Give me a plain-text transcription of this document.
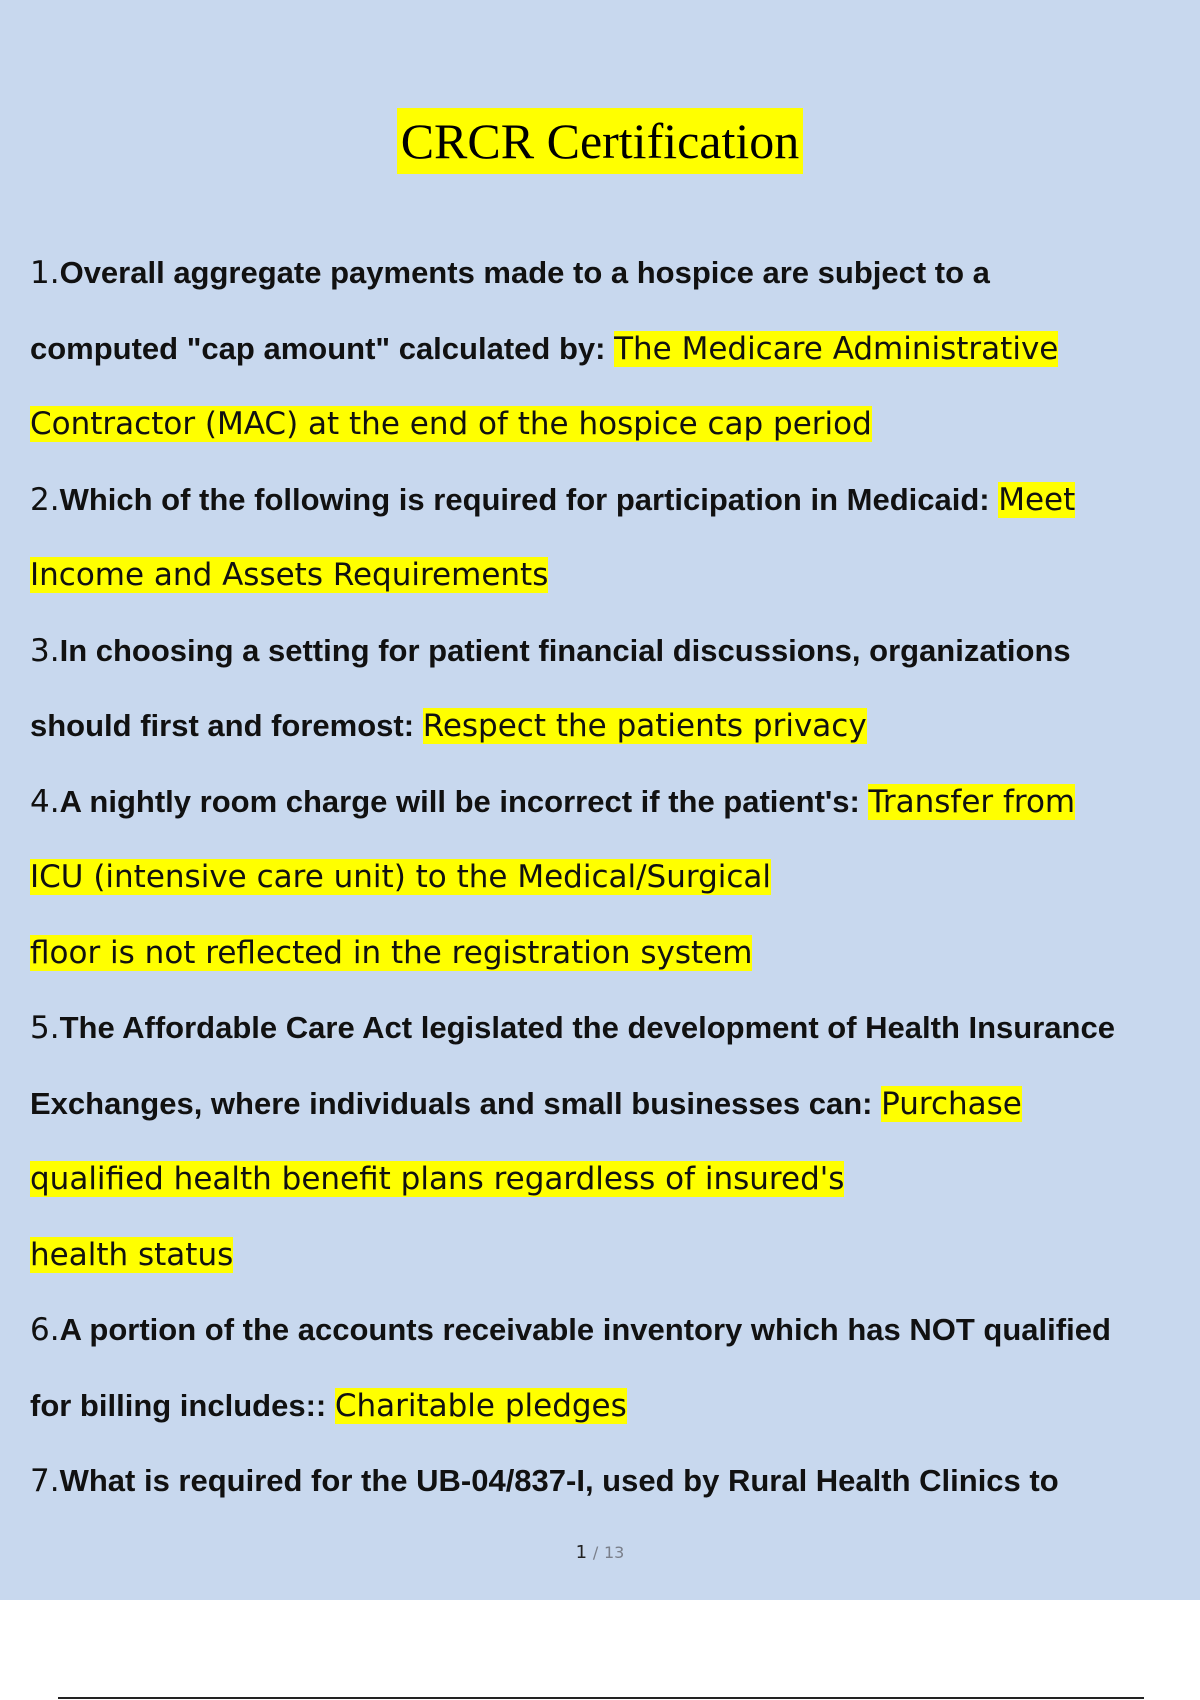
CRCR Certification
1.Overall aggregate payments made to a hospice are subject to a
computed "cap amount" calculated by: The Medicare Administrative
Contractor (MAC) at the end of the hospice cap period
2.Which of the following is required for participation in Medicaid: Meet
Income and Assets Requirements
3.In choosing a setting for patient financial discussions, organizations
should first and foremost: Respect the patients privacy
4.A nightly room charge will be incorrect if the patient's: Transfer from
ICU (intensive care unit) to the Medical/Surgical
floor is not reflected in the registration system
5.The Affordable Care Act legislated the development of Health Insurance
Exchanges, where individuals and small businesses can: Purchase
qualified health benefit plans regardless of insured's
health status
6.A portion of the accounts receivable inventory which has NOT qualified
for billing includes:: Charitable pledges
7.What is required for the UB-04/837-I, used by Rural Health Clinics to
1 / 13
